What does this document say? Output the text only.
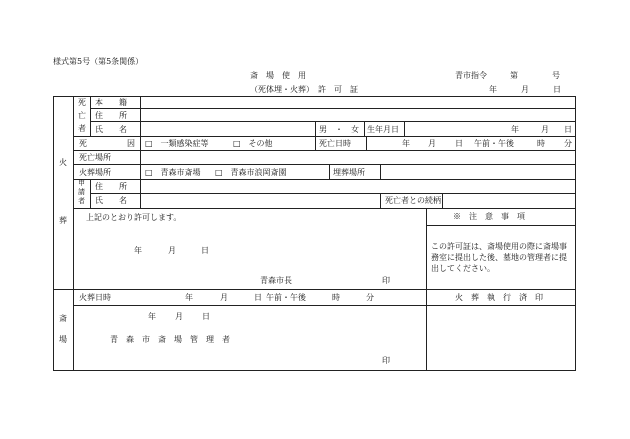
様式第5号（第5条関係）
斎　場　使　用
（死体埋・火葬）　許　可　証
青市指令	第	号
年	月	日
火
葬
斎
場
死
亡
者
本　　籍
住　　所
氏　　名	男　・　女 生年月日	年	月 日
死	因 □　一類感染症等	□　その他	死亡日時	年 月 日 午前・午後	時 分
死亡場所
火葬場所	□　青森市斎場 □　青森市浪岡斎園	埋葬場所
申
請
者
住　　所
氏　　名	死亡者との続柄
上記のとおり許可します。
年	月	日
青森市長	印
※　注　意　事　項
この許可証は、斎場使用の際に斎場事
務室に提出した後、墓地の管理者に提
出してください。
火葬日時	年	月	日 午前・午後	時	分	火　葬　執　行　済　印
年 月 日
青　森　市　斎　場　管　理　者
印
